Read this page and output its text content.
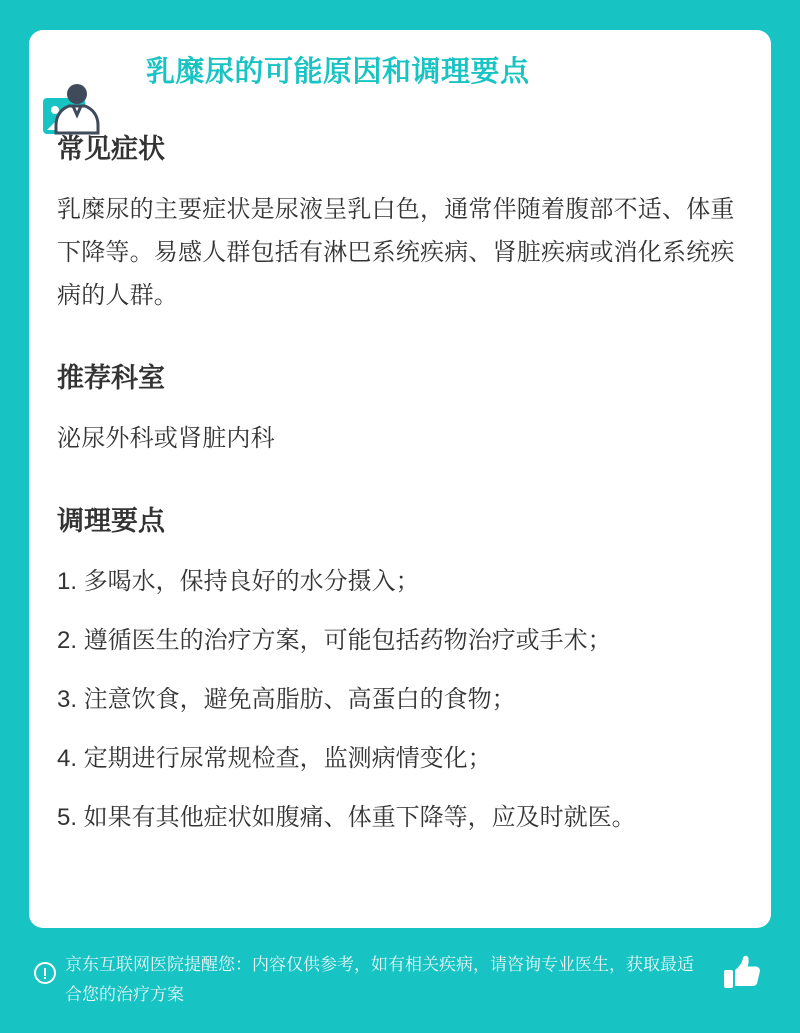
乳糜尿的可能原因和调理要点
常见症状

乳糜尿的主要症状是尿液呈乳白色，通常伴随着腹部不适、体重下降等。易感人群包括有淋巴系统疾病、肾脏疾病或消化系统疾病的人群。

推荐科室

泌尿外科或肾脏内科

调理要点
1. 多喝水，保持良好的水分摄入；
2. 遵循医生的治疗方案，可能包括药物治疗或手术；
3. 注意饮食，避免高脂肪、高蛋白的食物；
4. 定期进行尿常规检查，监测病情变化；
5. 如果有其他症状如腹痛、体重下降等，应及时就医。
京东互联网医院提醒您：内容仅供参考，如有相关疾病，请咨询专业医生，获取最适合您的治疗方案
